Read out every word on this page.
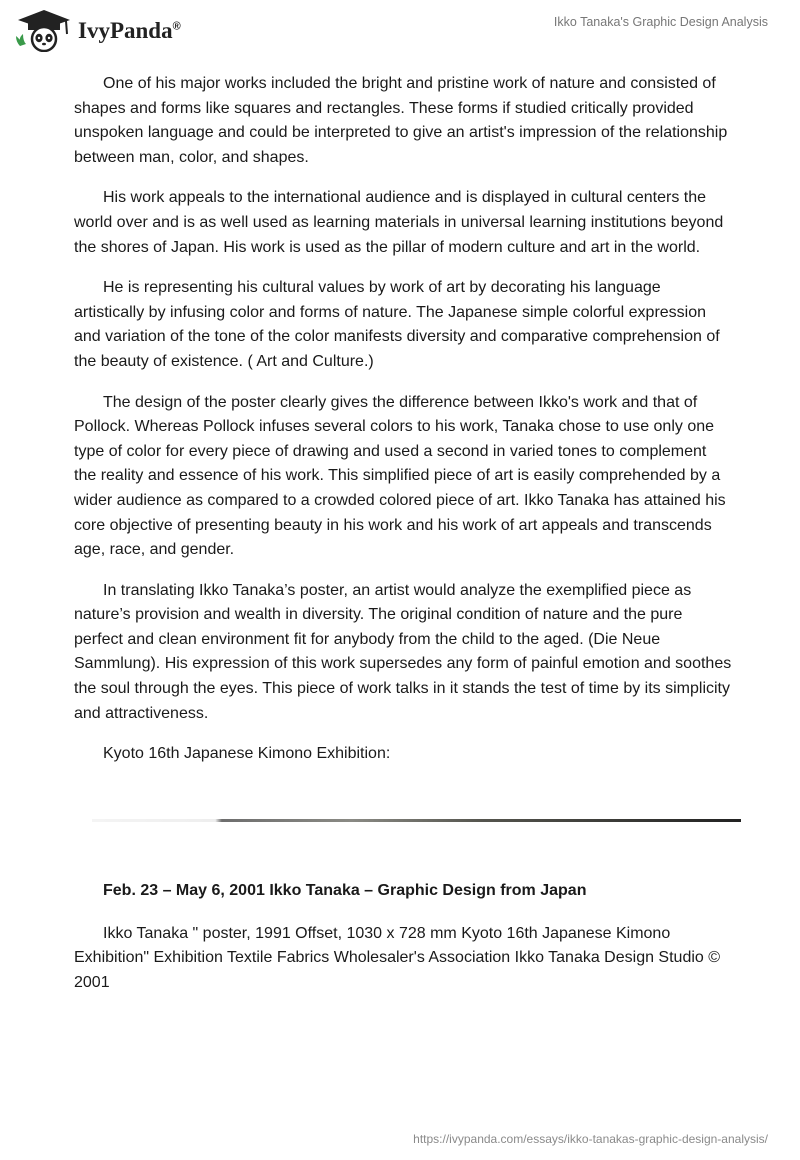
IvyPanda®	Ikko Tanaka's Graphic Design Analysis

One of his major works included the bright and pristine work of nature and consisted of shapes and forms like squares and rectangles. These forms if studied critically provided unspoken language and could be interpreted to give an artist's impression of the relationship between man, color, and shapes.

His work appeals to the international audience and is displayed in cultural centers the world over and is as well used as learning materials in universal learning institutions beyond the shores of Japan. His work is used as the pillar of modern culture and art in the world.

He is representing his cultural values by work of art by decorating his language artistically by infusing color and forms of nature. The Japanese simple colorful expression and variation of the tone of the color manifests diversity and comparative comprehension of the beauty of existence. ( Art and Culture.)

The design of the poster clearly gives the difference between Ikko's work and that of Pollock. Whereas Pollock infuses several colors to his work, Tanaka chose to use only one type of color for every piece of drawing and used a second in varied tones to complement the reality and essence of his work. This simplified piece of art is easily comprehended by a wider audience as compared to a crowded colored piece of art. Ikko Tanaka has attained his core objective of presenting beauty in his work and his work of art appeals and transcends age, race, and gender.

In translating Ikko Tanaka’s poster, an artist would analyze the exemplified piece as nature’s provision and wealth in diversity. The original condition of nature and the pure perfect and clean environment fit for anybody from the child to the aged. (Die Neue Sammlung). His expression of this work supersedes any form of painful emotion and soothes the soul through the eyes. This piece of work talks in it stands the test of time by its simplicity and attractiveness.

Kyoto 16th Japanese Kimono Exhibition:

Feb. 23 – May 6, 2001 Ikko Tanaka – Graphic Design from Japan

Ikko Tanaka " poster, 1991 Offset, 1030 x 728 mm Kyoto 16th Japanese Kimono Exhibition" Exhibition Textile Fabrics Wholesaler's Association Ikko Tanaka Design Studio © 2001

https://ivypanda.com/essays/ikko-tanakas-graphic-design-analysis/
